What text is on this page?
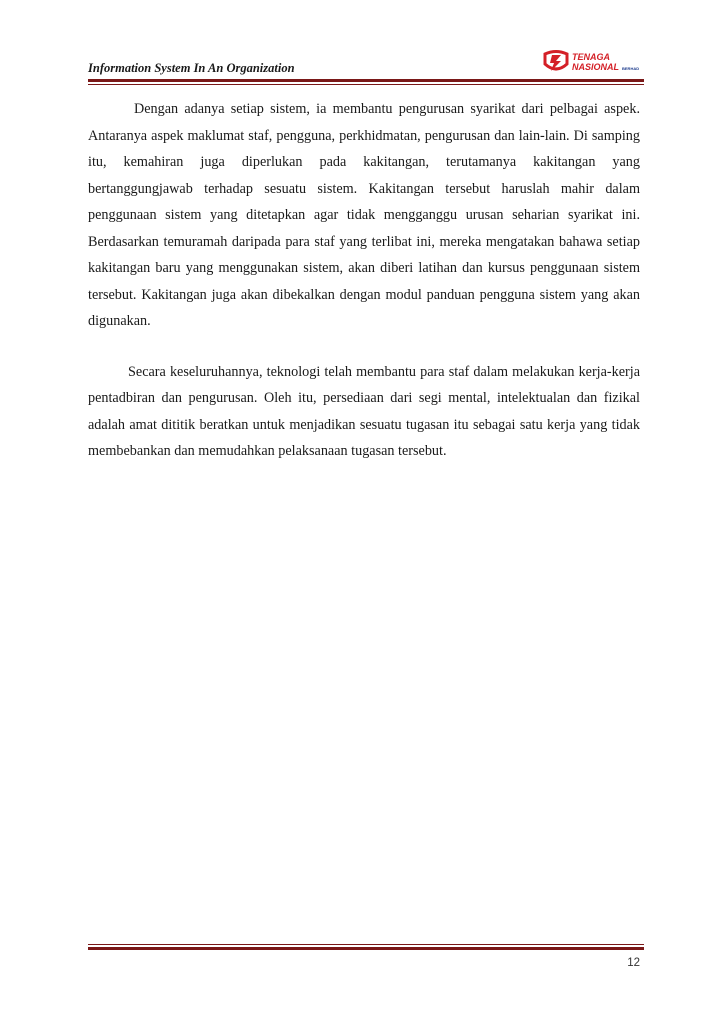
Information System In An Organization
TENAGA
NASIONAL BERHAD

Dengan adanya setiap sistem, ia membantu pengurusan syarikat dari pelbagai aspek. Antaranya aspek maklumat staf, pengguna, perkhidmatan, pengurusan dan lain-lain. Di samping itu, kemahiran juga diperlukan pada kakitangan, terutamanya kakitangan yang bertanggungjawab terhadap sesuatu sistem. Kakitangan tersebut haruslah mahir dalam penggunaan sistem yang ditetapkan agar tidak mengganggu urusan seharian syarikat ini. Berdasarkan temuramah daripada para staf yang terlibat ini, mereka mengatakan bahawa setiap kakitangan baru yang menggunakan sistem, akan diberi latihan dan kursus penggunaan sistem tersebut. Kakitangan juga akan dibekalkan dengan modul panduan pengguna sistem yang akan digunakan.

Secara keseluruhannya, teknologi telah membantu para staf dalam melakukan kerja-kerja pentadbiran dan pengurusan. Oleh itu, persediaan dari segi mental, intelektualan dan fizikal adalah amat dititik beratkan untuk menjadikan sesuatu tugasan itu sebagai satu kerja yang tidak membebankan dan memudahkan pelaksanaan tugasan tersebut.

12
